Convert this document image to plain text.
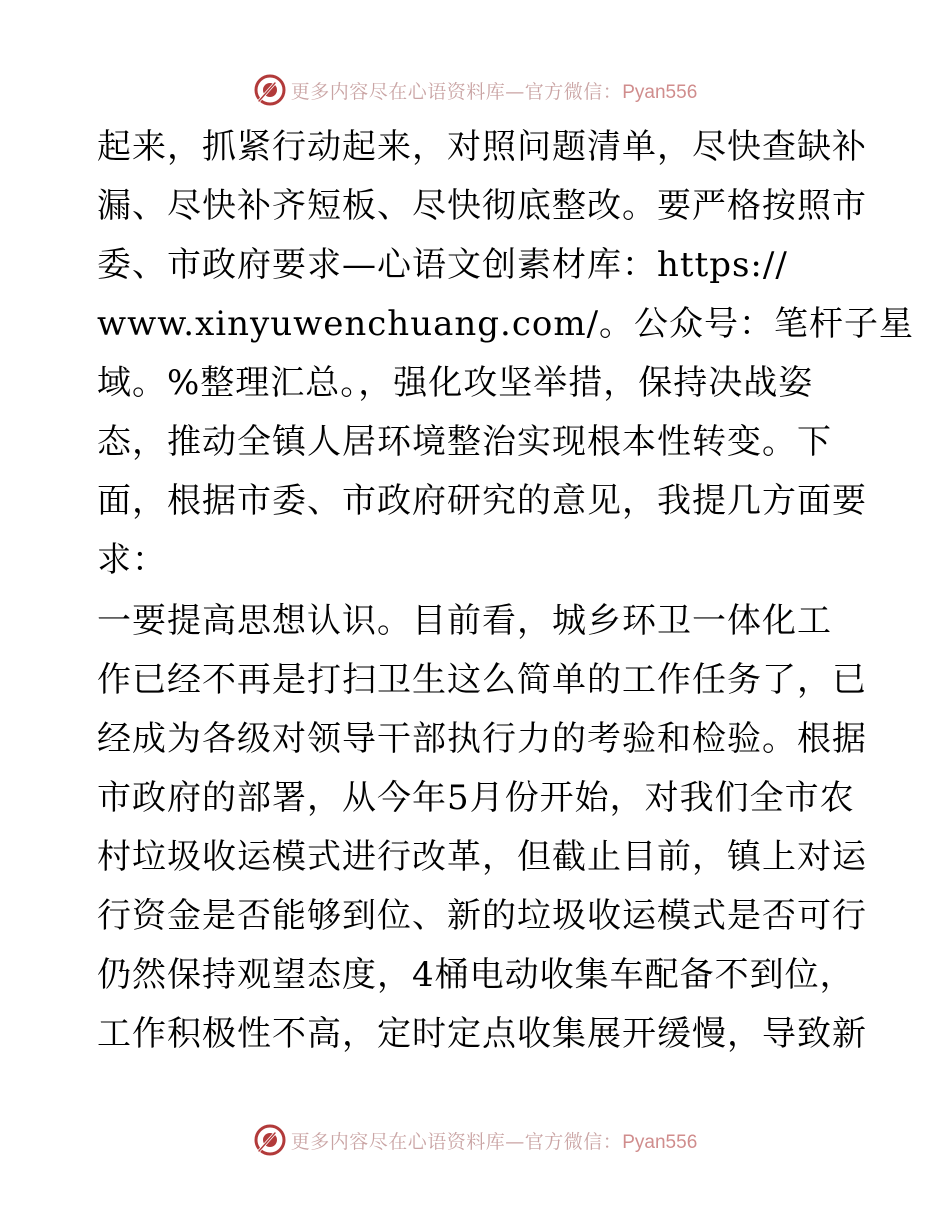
更多内容尽在心语资料库—官方微信：Pyan556
起来，抓紧行动起来，对照问题清单，尽快查缺补
漏、尽快补齐短板、尽快彻底整改。要严格按照市
委、市政府要求—心语文创素材库：https://
www.xinyuwenchuang.com/。公众号：笔杆子星
域。%整理汇总。，强化攻坚举措，保持决战姿
态，推动全镇人居环境整治实现根本性转变。下
面，根据市委、市政府研究的意见，我提几方面要
求：
一要提高思想认识。目前看，城乡环卫一体化工
作已经不再是打扫卫生这么简单的工作任务了，已
经成为各级对领导干部执行力的考验和检验。根据
市政府的部署，从今年5月份开始，对我们全市农
村垃圾收运模式进行改革，但截止目前，镇上对运
行资金是否能够到位、新的垃圾收运模式是否可行
仍然保持观望态度，4桶电动收集车配备不到位，
工作积极性不高，定时定点收集展开缓慢，导致新
更多内容尽在心语资料库—官方微信：Pyan556
